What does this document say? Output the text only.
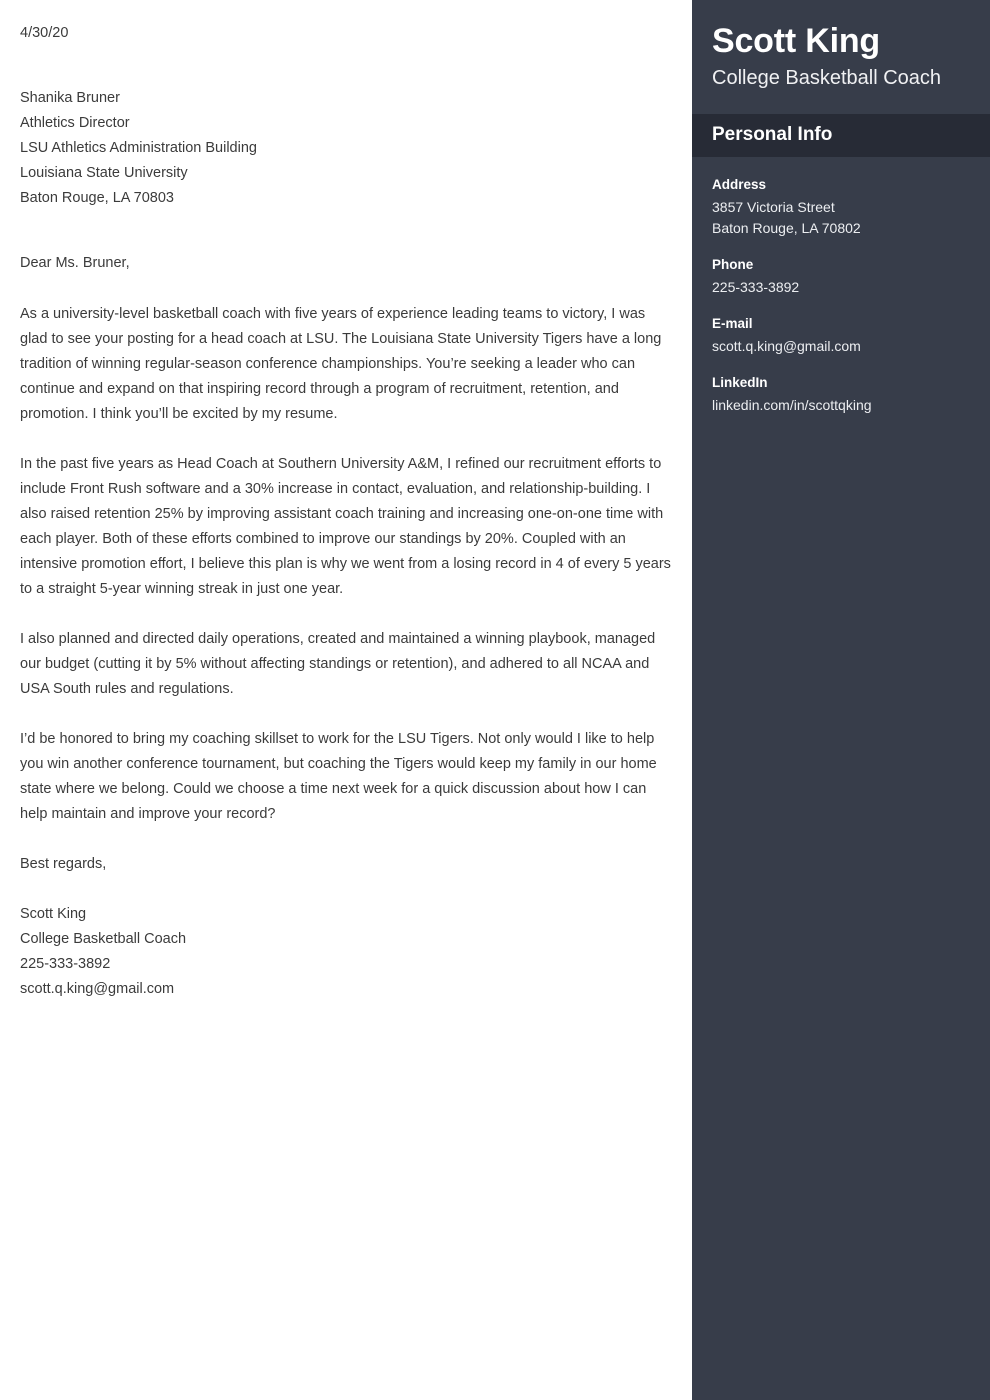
4/30/20

Shanika Bruner

Athletics Director

LSU Athletics Administration Building

Louisiana State University

Baton Rouge, LA 70803

Dear Ms. Bruner,

As a university-level basketball coach with five years of experience leading teams to victory, I was glad to see your posting for a head coach at LSU. The Louisiana State University Tigers have a long tradition of winning regular-season conference championships. You’re seeking a leader who can continue and expand on that inspiring record through a program of recruitment, retention, and promotion. I think you’ll be excited by my resume.

In the past five years as Head Coach at Southern University A&M, I refined our recruitment efforts to include Front Rush software and a 30% increase in contact, evaluation, and relationship-building. I also raised retention 25% by improving assistant coach training and increasing one-on-one time with each player. Both of these efforts combined to improve our standings by 20%. Coupled with an intensive promotion effort, I believe this plan is why we went from a losing record in 4 of every 5 years to a straight 5-year winning streak in just one year.

I also planned and directed daily operations, created and maintained a winning playbook, managed our budget (cutting it by 5% without affecting standings or retention), and adhered to all NCAA and USA South rules and regulations.

I’d be honored to bring my coaching skillset to work for the LSU Tigers. Not only would I like to help you win another conference tournament, but coaching the Tigers would keep my family in our home state where we belong. Could we choose a time next week for a quick discussion about how I can help maintain and improve your record?

Best regards,

Scott King

College Basketball Coach

225-333-3892

scott.q.king@gmail.com

Scott King
College Basketball Coach
Personal Info

Address

3857 Victoria Street

Baton Rouge, LA 70802

Phone

225-333-3892

E-mail

scott.q.king@gmail.com

LinkedIn

linkedin.com/in/scottqking
